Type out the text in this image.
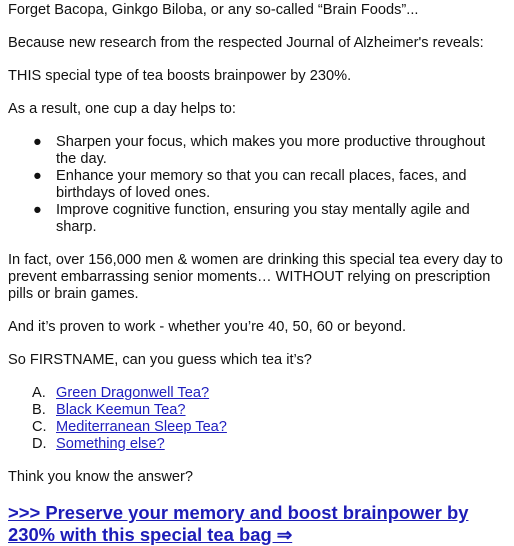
Forget Bacopa, Ginkgo Biloba, or any so-called “Brain Foods”...

Because new research from the respected Journal of Alzheimer's reveals:

THIS special type of tea boosts brainpower by 230%.

As a result, one cup a day helps to:

● Sharpen your focus, which makes you more productive throughout the day.
● Enhance your memory so that you can recall places, faces, and birthdays of loved ones.
● Improve cognitive function, ensuring you stay mentally agile and sharp.

In fact, over 156,000 men & women are drinking this special tea every day to prevent embarrassing senior moments… WITHOUT relying on prescription pills or brain games.

And it’s proven to work - whether you’re 40, 50, 60 or beyond.

So FIRSTNAME, can you guess which tea it’s?

A. Green Dragonwell Tea?
B. Black Keemun Tea?
C. Mediterranean Sleep Tea?
D. Something else?

Think you know the answer?

>>> Preserve your memory and boost brainpower by 230% with this special tea bag ⇒
